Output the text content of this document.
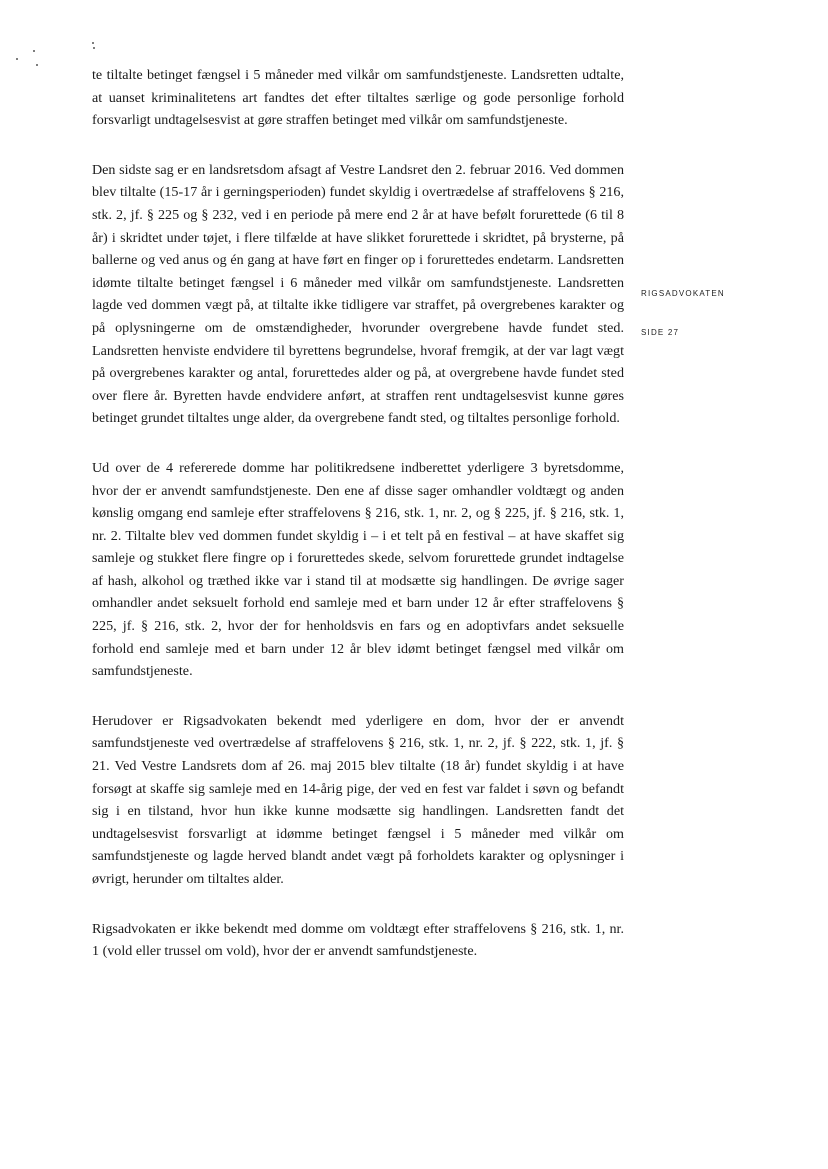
te tiltalte betinget fængsel i 5 måneder med vilkår om samfundstjeneste. Landsretten udtalte, at uanset kriminalitetens art fandtes det efter tiltaltes særlige og gode personlige forhold forsvarligt undtagelsesvist at gøre straffen betinget med vilkår om samfundstjeneste.

Den sidste sag er en landsretsdom afsagt af Vestre Landsret den 2. februar 2016. Ved dommen blev tiltalte (15-17 år i gerningsperioden) fundet skyldig i overtrædelse af straffelovens § 216, stk. 2, jf. § 225 og § 232, ved i en periode på mere end 2 år at have befølt forurettede (6 til 8 år) i skridtet under tøjet, i flere tilfælde at have slikket forurettede i skridtet, på brysterne, på ballerne og ved anus og én gang at have ført en finger op i forurettedes endetarm. Landsretten idømte tiltalte betinget fængsel i 6 måneder med vilkår om samfundstjeneste. Landsretten lagde ved dommen vægt på, at tiltalte ikke tidligere var straffet, på overgrebenes karakter og på oplysningerne om de omstændigheder, hvorunder overgrebene havde fundet sted. Landsretten henviste endvidere til byrettens begrundelse, hvoraf fremgik, at der var lagt vægt på overgrebenes karakter og antal, forurettedes alder og på, at overgrebene havde fundet sted over flere år. Byretten havde endvidere anført, at straffen rent undtagelsesvist kunne gøres betinget grundet tiltaltes unge alder, da overgrebene fandt sted, og tiltaltes personlige forhold.

Ud over de 4 refererede domme har politikredsene indberettet yderligere 3 byretsdomme, hvor der er anvendt samfundstjeneste. Den ene af disse sager omhandler voldtægt og anden kønslig omgang end samleje efter straffelovens § 216, stk. 1, nr. 2, og § 225, jf. § 216, stk. 1, nr. 2. Tiltalte blev ved dommen fundet skyldig i – i et telt på en festival – at have skaffet sig samleje og stukket flere fingre op i forurettedes skede, selvom forurettede grundet indtagelse af hash, alkohol og træthed ikke var i stand til at modsætte sig handlingen. De øvrige sager omhandler andet seksuelt forhold end samleje med et barn under 12 år efter straffelovens § 225, jf. § 216, stk. 2, hvor der for henholdsvis en fars og en adoptivfars andet seksuelle forhold end samleje med et barn under 12 år blev idømt betinget fængsel med vilkår om samfundstjeneste.

Herudover er Rigsadvokaten bekendt med yderligere en dom, hvor der er anvendt samfundstjeneste ved overtrædelse af straffelovens § 216, stk. 1, nr. 2, jf. § 222, stk. 1, jf. § 21. Ved Vestre Landsrets dom af 26. maj 2015 blev tiltalte (18 år) fundet skyldig i at have forsøgt at skaffe sig samleje med en 14-årig pige, der ved en fest var faldet i søvn og befandt sig i en tilstand, hvor hun ikke kunne modsætte sig handlingen. Landsretten fandt det undtagelsesvist forsvarligt at idømme betinget fængsel i 5 måneder med vilkår om samfundstjeneste og lagde herved blandt andet vægt på forholdets karakter og oplysninger i øvrigt, herunder om tiltaltes alder.

Rigsadvokaten er ikke bekendt med domme om voldtægt efter straffelovens § 216, stk. 1, nr. 1 (vold eller trussel om vold), hvor der er anvendt samfundstjeneste.

RIGSADVOKATEN
SIDE 27
